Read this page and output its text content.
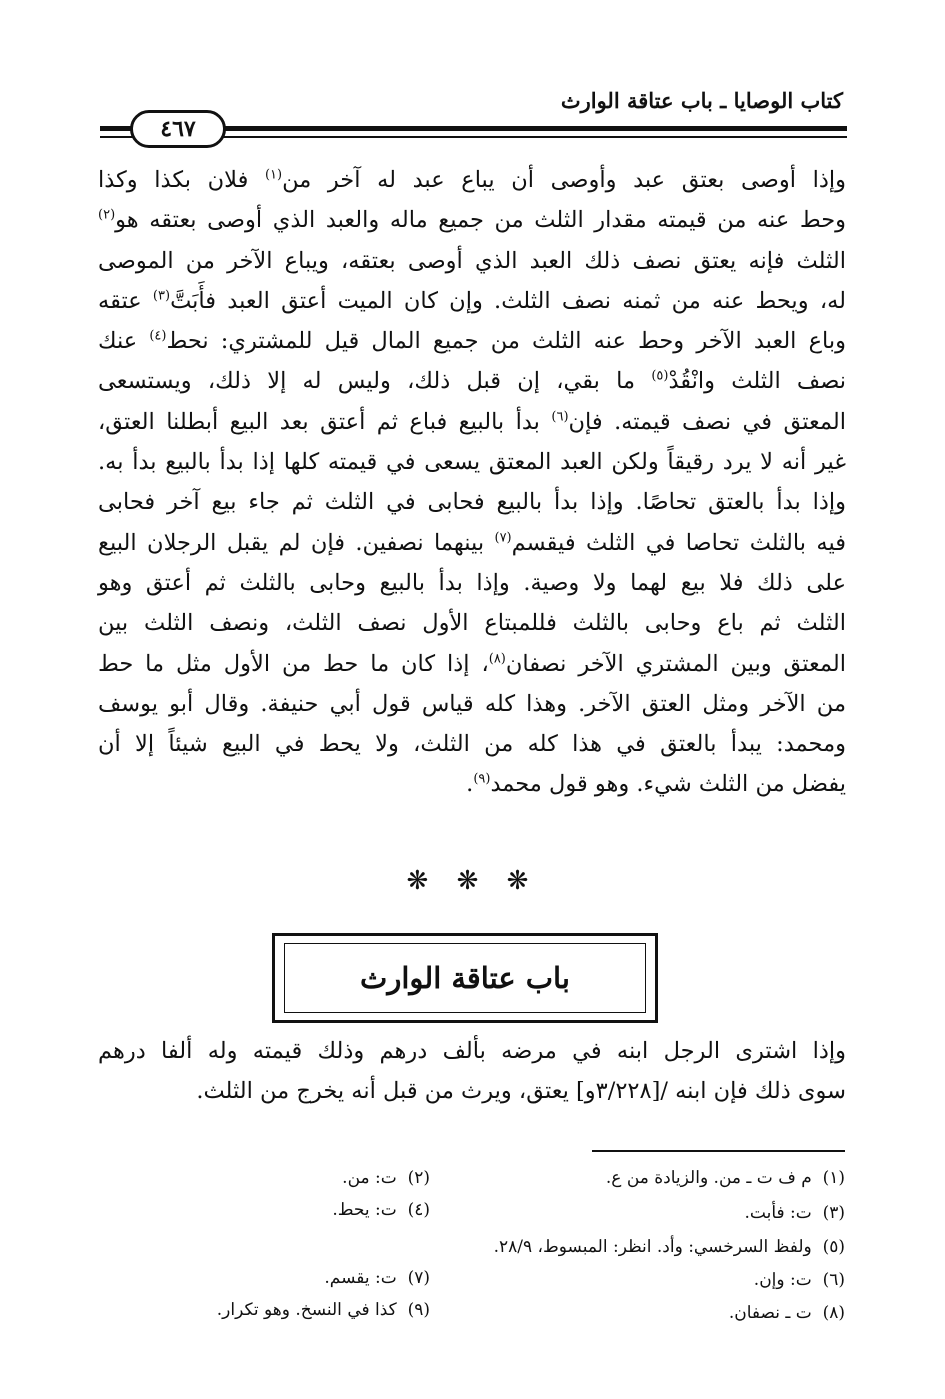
كتاب الوصايا ـ باب عتاقة الوارث
٤٦٧
وإذا أوصى بعتق عبد وأوصى أن يباع عبد له آخر من$^{(١)}$ فلان بكذا وكذا
وحط عنه من قيمته مقدار الثلث من جميع ماله والعبد الذي أوصى بعتقه هو$^{(٢)}$
الثلث فإنه يعتق نصف ذلك العبد الذي أوصى بعتقه، ويباع الآخر من الموصى
له، ويحط عنه من ثمنه نصف الثلث. وإن كان الميت أعتق العبد فأَبَتَّ$^{(٣)}$ عتقه
وباع العبد الآخر وحط عنه الثلث من جميع المال قيل للمشتري: نحط$^{(٤)}$ عنك
نصف الثلث وانْقُدْ$^{(٥)}$ ما بقي، إن قبل ذلك، وليس له إلا ذلك، ويستسعى
المعتق في نصف قيمته. فإن$^{(٦)}$ بدأ بالبيع فباع ثم أعتق بعد البيع أبطلنا العتق،
غير أنه لا يرد رقيقاً ولكن العبد المعتق يسعى في قيمته كلها إذا بدأ بالبيع بدأ به.
وإذا بدأ بالعتق تحاصًا. وإذا بدأ بالبيع فحابى في الثلث ثم جاء بيع آخر فحابى
فيه بالثلث تحاصا في الثلث فيقسم$^{(٧)}$ بينهما نصفين. فإن لم يقبل الرجلان البيع
على ذلك فلا بيع لهما ولا وصية. وإذا بدأ بالبيع وحابى بالثلث ثم أعتق وهو
الثلث ثم باع وحابى بالثلث فللمبتاع الأول نصف الثلث، ونصف الثلث بين
المعتق وبين المشتري الآخر نصفان$^{(٨)}$، إذا كان ما حط من الأول مثل ما حط
من الآخر ومثل العتق الآخر. وهذا كله قياس قول أبي حنيفة. وقال أبو يوسف
ومحمد: يبدأ بالعتق في هذا كله من الثلث، ولا يحط في البيع شيئاً إلا أن
يفضل من الثلث شيء. وهو قول محمد$^{(٩)}$.
❋ ❋ ❋
باب عتاقة الوارث
وإذا اشترى الرجل ابنه في مرضه بألف درهم وذلك قيمته وله ألفا درهم
سوى ذلك فإن ابنه /[٣/٢٢٨و] يعتق، ويرث من قبل أنه يخرج من الثلث.
(١)  م ف ت ـ من. والزيادة من ع.
(٢)  ت: من.
(٣)  ت: فأبت.
(٤)  ت: يحط.
(٥)  ولفظ السرخسي: وأد. انظر: المبسوط، ٢٨/٩.
(٦)  ت: وإن.
(٧)  ت: يقسم.
(٨)  ت ـ نصفان.
(٩)  كذا في النسخ. وهو تكرار.
